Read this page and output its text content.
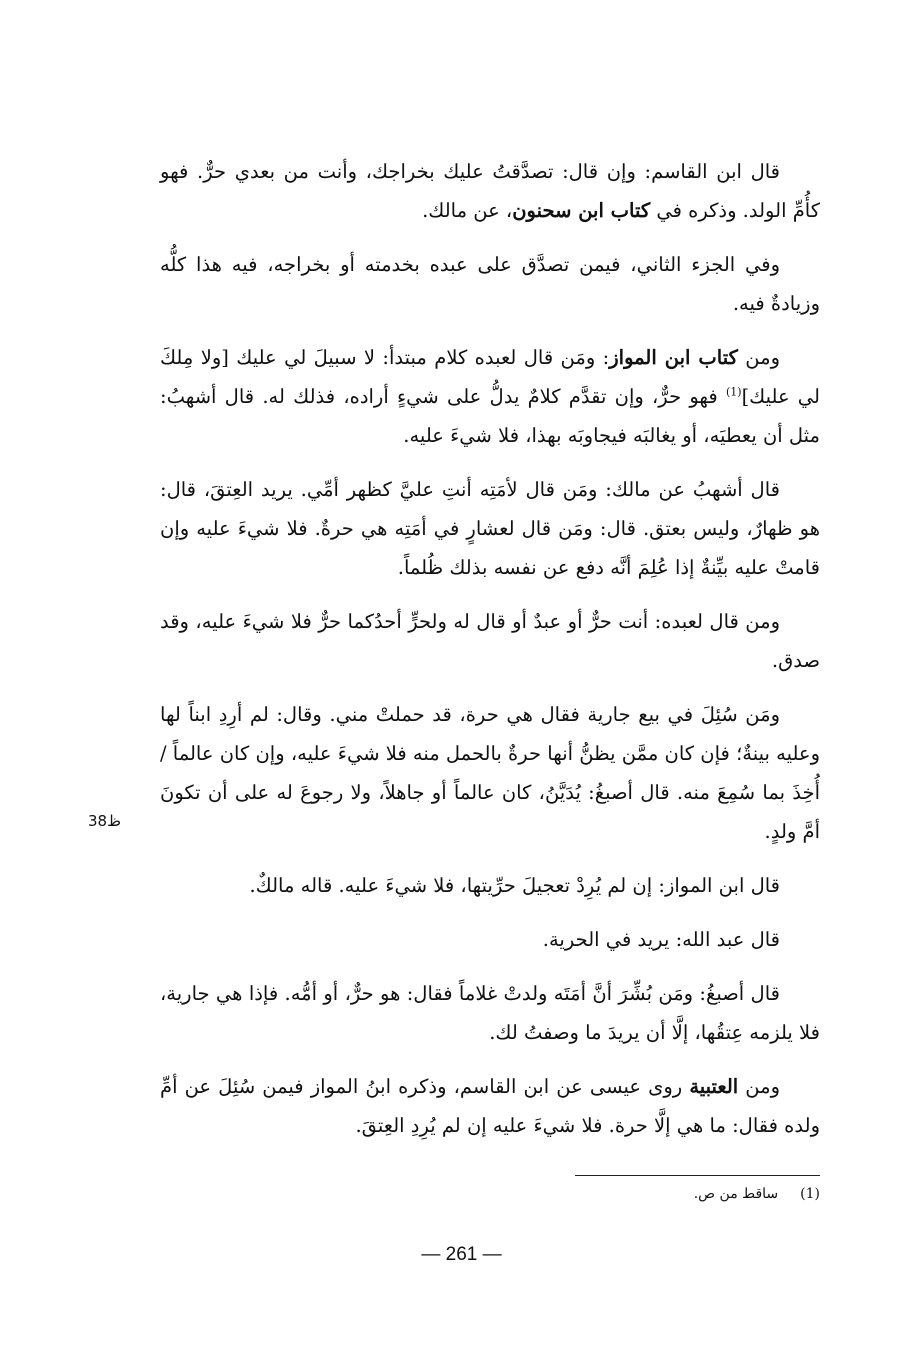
قال ابن القاسم: وإن قال: تصدَّقتُ عليك بخراجك، وأنت من بعدي حرٌّ. فهو كأُمِّ الولد. وذكره في كتاب ابن سحنون، عن مالك.

وفي الجزء الثاني، فيمن تصدَّق على عبده بخدمته أو بخراجه، فيه هذا كلُّه وزيادةٌ فيه.

ومن كتاب ابن المواز: ومَن قال لعبده كلام مبتدأ: لا سبيلَ لي عليك [ولا مِلكَ لي عليك]$^{(1)}$ فهو حرٌّ، وإن تقدَّم كلامٌ يدلُّ على شيءٍ أراده، فذلك له. قال أشهبُ: مثل أن يعطيَه، أو يغالبَه فيجاوبَه بهذا، فلا شيءَ عليه.

قال أشهبُ عن مالك: ومَن قال لأمَتِه أنتِ عليَّ كظهر أمِّي. يريد العِتقَ، قال: هو ظهارٌ، وليس بعتق. قال: ومَن قال لعشارٍ في أمَتِه هي حرةٌ. فلا شيءَ عليه وإن قامتْ عليه بيِّنةٌ إذا عُلِمَ أنَّه دفع عن نفسه بذلك ظُلماً.

ومن قال لعبده: أنت حرٌّ أو عبدٌ أو قال له ولحرٍّ أحدُكما حرٌّ فلا شيءَ عليه، وقد صدق.

ومَن سُئِلَ في بيع جارية فقال هي حرة، قد حملتْ مني. وقال: لم أرِدِ ابناً لها وعليه بينةٌ؛ فإن كان ممَّن يظنُّ أنها حرةٌ بالحمل منه فلا شيءَ عليه، وإن كان عالماً / أُخِذَ بما سُمِعَ منه. قال أصبغُ: يُدَيَّنُ، كان عالماً أو جاهلاً، ولا رجوعَ له على أن تكونَ أمَّ ولدٍ.

قال ابن المواز: إن لم يُرِدْ تعجيلَ حرِّيتها، فلا شيءَ عليه. قاله مالكٌ.

قال عبد الله: يريد في الحرية.

قال أصبغُ: ومَن بُشِّرَ أنَّ أمَتَه ولدتْ غلاماً فقال: هو حرٌّ، أو أمُّه. فإذا هي جارية، فلا يلزمه عِتقُها، إلَّا أن يريدَ ما وصفتُ لك.

ومن العتبية روى عيسى عن ابن القاسم، وذكره ابنُ المواز فيمن سُئِلَ عن أمِّ ولده فقال: ما هي إلَّا حرة. فلا شيءَ عليه إن لم يُرِدِ العِتقَ.

ظ38
(1)ساقط من ص.
— 261 —
